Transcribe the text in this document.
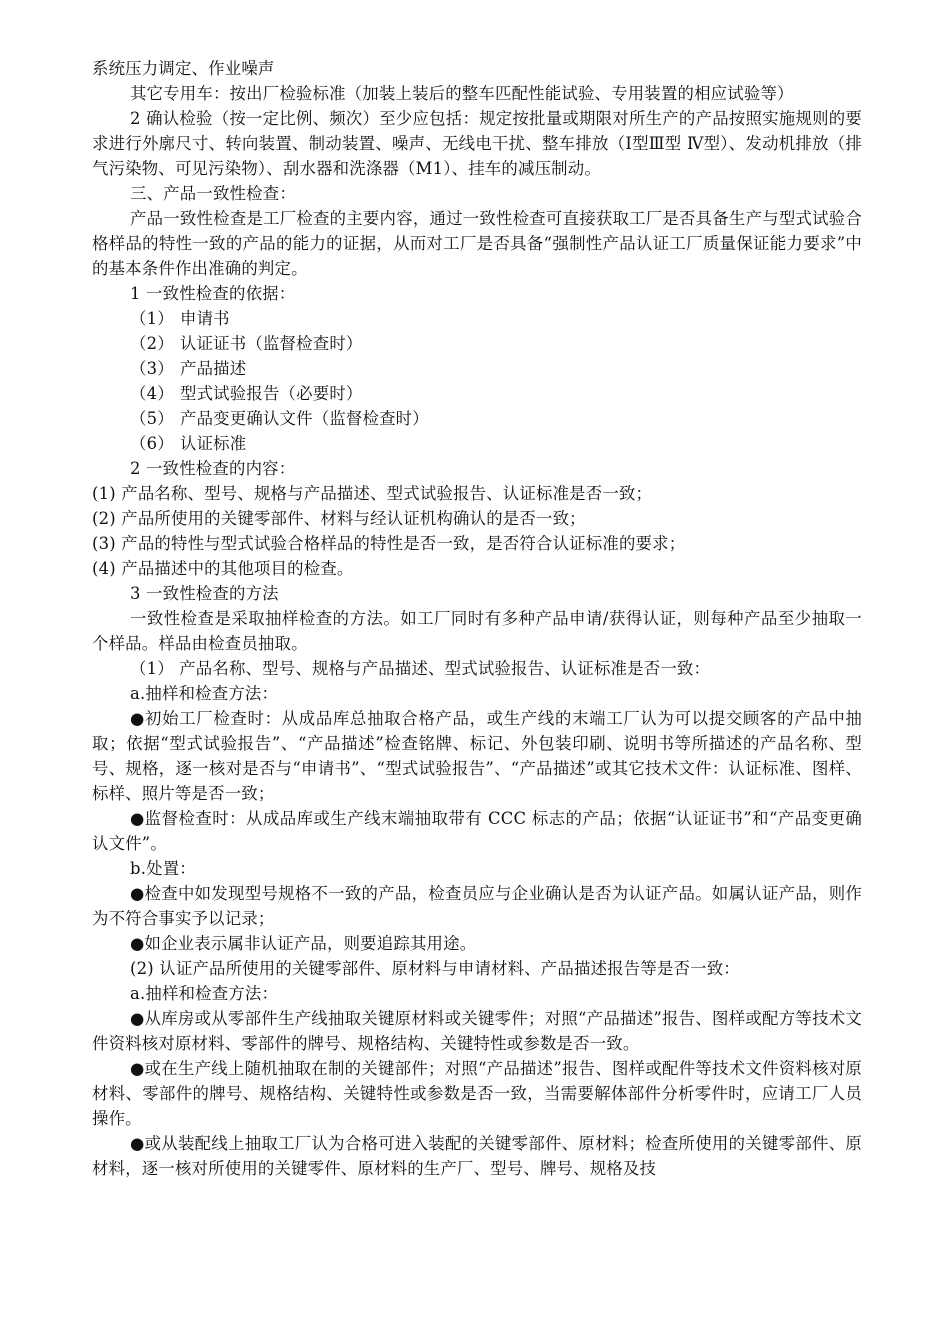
系统压力调定、作业噪声

其它专用车：按出厂检验标准（加装上装后的整车匹配性能试验、专用装置的相应试验等）

2 确认检验（按一定比例、频次）至少应包括：规定按批量或期限对所生产的产品按照实施规则的要求进行外廓尺寸、转向装置、制动装置、噪声、无线电干扰、整车排放（Ⅰ型Ⅲ型 Ⅳ型）、发动机排放（排气污染物、可见污染物）、刮水器和洗涤器（M1）、挂车的减压制动。

三、产品一致性检查：

产品一致性检查是工厂检查的主要内容，通过一致性检查可直接获取工厂是否具备生产与型式试验合格样品的特性一致的产品的能力的证据，从而对工厂是否具备“强制性产品认证工厂质量保证能力要求”中的基本条件作出准确的判定。

1 一致性检查的依据：

（1） 申请书

（2） 认证证书（监督检查时）

（3） 产品描述

（4） 型式试验报告（必要时）

（5） 产品变更确认文件（监督检查时）

（6） 认证标准

2 一致性检查的内容：

(1) 产品名称、型号、规格与产品描述、型式试验报告、认证标准是否一致；

(2) 产品所使用的关键零部件、材料与经认证机构确认的是否一致；

(3) 产品的特性与型式试验合格样品的特性是否一致，是否符合认证标准的要求；

(4) 产品描述中的其他项目的检查。

3 一致性检查的方法

一致性检查是采取抽样检查的方法。如工厂同时有多种产品申请/获得认证，则每种产品至少抽取一个样品。样品由检查员抽取。

（1） 产品名称、型号、规格与产品描述、型式试验报告、认证标准是否一致：

a.抽样和检查方法：

●初始工厂检查时：从成品库总抽取合格产品，或生产线的末端工厂认为可以提交顾客的产品中抽取；依据“型式试验报告”、“产品描述”检查铭牌、标记、外包装印刷、说明书等所描述的产品名称、型号、规格，逐一核对是否与“申请书”、“型式试验报告”、“产品描述”或其它技术文件：认证标准、图样、标样、照片等是否一致；

●监督检查时：从成品库或生产线末端抽取带有 CCC 标志的产品；依据“认证证书”和“产品变更确认文件”。

b.处置：

●检查中如发现型号规格不一致的产品，检查员应与企业确认是否为认证产品。如属认证产品，则作为不符合事实予以记录；

●如企业表示属非认证产品，则要追踪其用途。

(2) 认证产品所使用的关键零部件、原材料与申请材料、产品描述报告等是否一致：

a.抽样和检查方法：

●从库房或从零部件生产线抽取关键原材料或关键零件；对照“产品描述”报告、图样或配方等技术文件资料核对原材料、零部件的牌号、规格结构、关键特性或参数是否一致。

●或在生产线上随机抽取在制的关键部件；对照“产品描述”报告、图样或配件等技术文件资料核对原材料、零部件的牌号、规格结构、关键特性或参数是否一致，当需要解体部件分析零件时，应请工厂人员操作。

●或从装配线上抽取工厂认为合格可进入装配的关键零部件、原材料；检查所使用的关键零部件、原材料，逐一核对所使用的关键零件、原材料的生产厂、型号、牌号、规格及技
